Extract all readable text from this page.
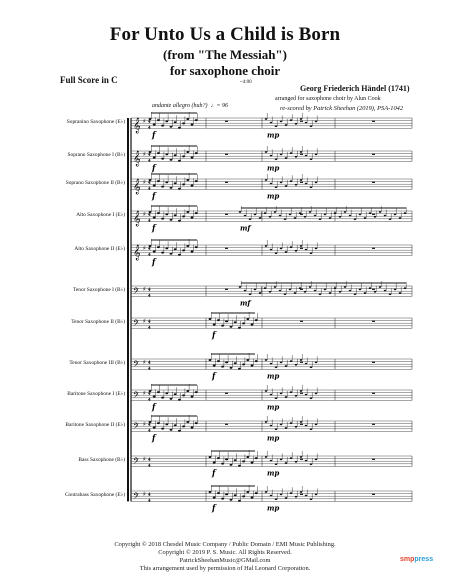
For Unto Us a Child is Born
(from "The Messiah")
for saxophone choir
~4:00
Full Score in C
Georg Friederich Händel (1741)
arranged for saxophone choir by Alun Cook
re-scored by Patrick Sheehan (2019), PSA-1042
andante allegro (huh?) ♩= 96
Sopranino Saxophone (E♭)
Soprano Saxophone I (B♭)
Soprano Saxophone II (B♭)
Alto Saxophone I (E♭)
Alto Saxophone II (E♭)
Tenor Saxophone I (B♭)
Tenor Saxophone II (B♭)
Tenor Saxophone III (B♭)
Baritone Saxophone I (E♭)
Baritone Saxophone II (E♭)
Bass Saxophone (B♭)
Contrabass Saxophone (E♭)
𝄞 ♯ 4
4
f	mp
𝄞 ♯ 4
4
f	mp
𝄞 ♯ 4
4
f	mp
𝄞 ♯ 4
4
f	mf
𝄞 ♯ 4
4
f
𝄢 ♯ 4
4
mf
𝄢 ♯ 4
4
f
𝄢 ♯ 4
4
f	mp
𝄢 ♯ 4
4
f	mp
𝄢 ♯ 4
4
f	mp
𝄢 ♯ 4
4
f	mp
𝄢 ♯ 4
4
f	mp
Copyright © 2018 Chesdel Music Company / Public Domain / EMI Music Publishing.
Copyright © 2019 P. S. Music. All Rights Reserved.
PatrickSheehanMusic@GMail.com
This arrangement used by permission of Hal Leonard Corporation.
smppress
